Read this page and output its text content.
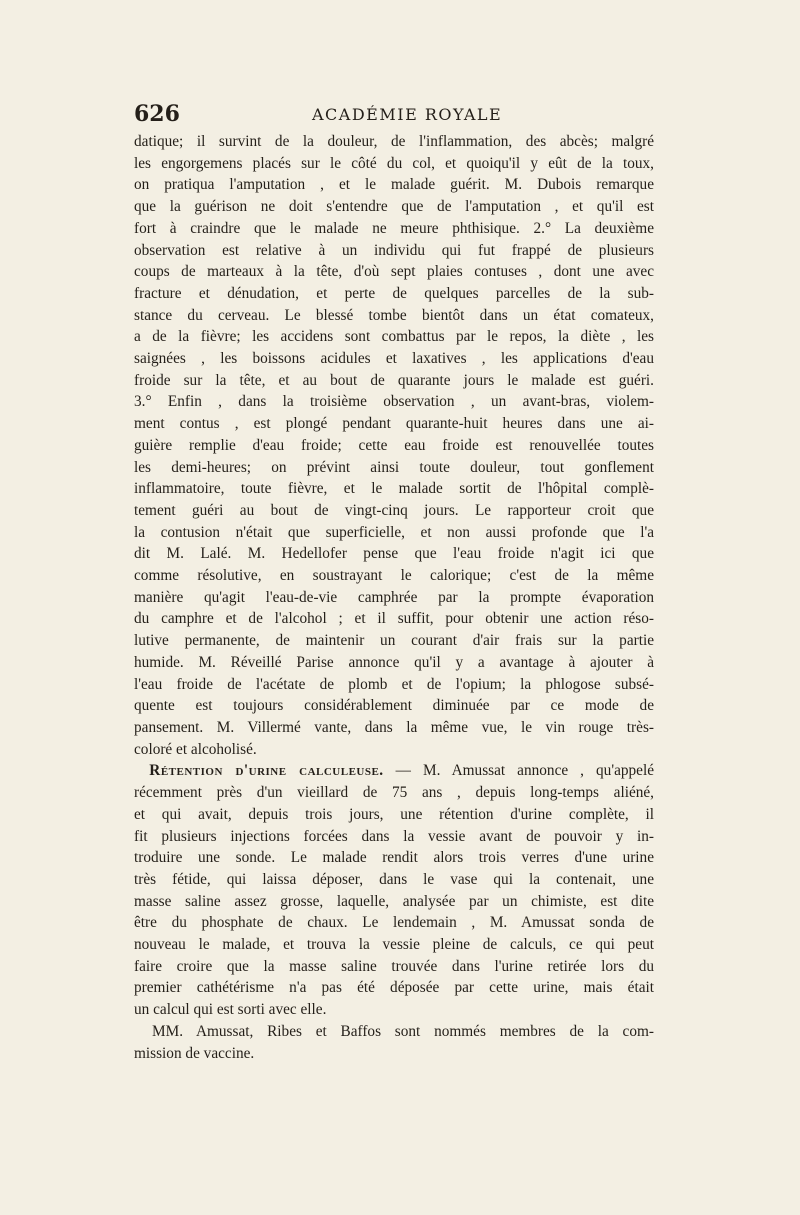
626	ACADÉMIE ROYALE
datique; il survint de la douleur, de l'inflammation, des abcès; malgré
les engorgemens placés sur le côté du col, et quoiqu'il y eût de la toux,
on pratiqua l'amputation , et le malade guérit. M. Dubois remarque
que la guérison ne doit s'entendre que de l'amputation , et qu'il est
fort à craindre que le malade ne meure phthisique. 2.° La deuxième
observation est relative à un individu qui fut frappé de plusieurs
coups de marteaux à la tête, d'où sept plaies contuses , dont une avec
fracture et dénudation, et perte de quelques parcelles de la sub-
stance du cerveau. Le blessé tombe bientôt dans un état comateux,
a de la fièvre; les accidens sont combattus par le repos, la diète , les
saignées , les boissons acidules et laxatives , les applications d'eau
froide sur la tête, et au bout de quarante jours le malade est guéri.
3.° Enfin , dans la troisième observation , un avant-bras, violem-
ment contus , est plongé pendant quarante-huit heures dans une ai-
guière remplie d'eau froide; cette eau froide est renouvellée toutes
les demi-heures; on prévint ainsi toute douleur, tout gonflement
inflammatoire, toute fièvre, et le malade sortit de l'hôpital complè-
tement guéri au bout de vingt-cinq jours. Le rapporteur croit que
la contusion n'était que superficielle, et non aussi profonde que l'a
dit M. Lalé. M. Hedellofer pense que l'eau froide n'agit ici que
comme résolutive, en soustrayant le calorique; c'est de la même
manière qu'agit l'eau-de-vie camphrée par la prompte évaporation
du camphre et de l'alcohol ; et il suffit, pour obtenir une action réso-
lutive permanente, de maintenir un courant d'air frais sur la partie
humide. M. Réveillé Parise annonce qu'il y a avantage à ajouter à
l'eau froide de l'acétate de plomb et de l'opium; la phlogose subsé-
quente est toujours considérablement diminuée par ce mode de
pansement. M. Villermé vante, dans la même vue, le vin rouge très-
coloré et alcoholisé.
 Rétention d'urine calculeuse. — M. Amussat annonce , qu'appelé
récemment près d'un vieillard de 75 ans , depuis long-temps aliéné,
et qui avait, depuis trois jours, une rétention d'urine complète, il
fit plusieurs injections forcées dans la vessie avant de pouvoir y in-
troduire une sonde. Le malade rendit alors trois verres d'une urine
très fétide, qui laissa déposer, dans le vase qui la contenait, une
masse saline assez grosse, laquelle, analysée par un chimiste, est dite
être du phosphate de chaux. Le lendemain , M. Amussat sonda de
nouveau le malade, et trouva la vessie pleine de calculs, ce qui peut
faire croire que la masse saline trouvée dans l'urine retirée lors du
premier cathétérisme n'a pas été déposée par cette urine, mais était
un calcul qui est sorti avec elle.
MM. Amussat, Ribes et Baffos sont nommés membres de la com-
mission de vaccine.
